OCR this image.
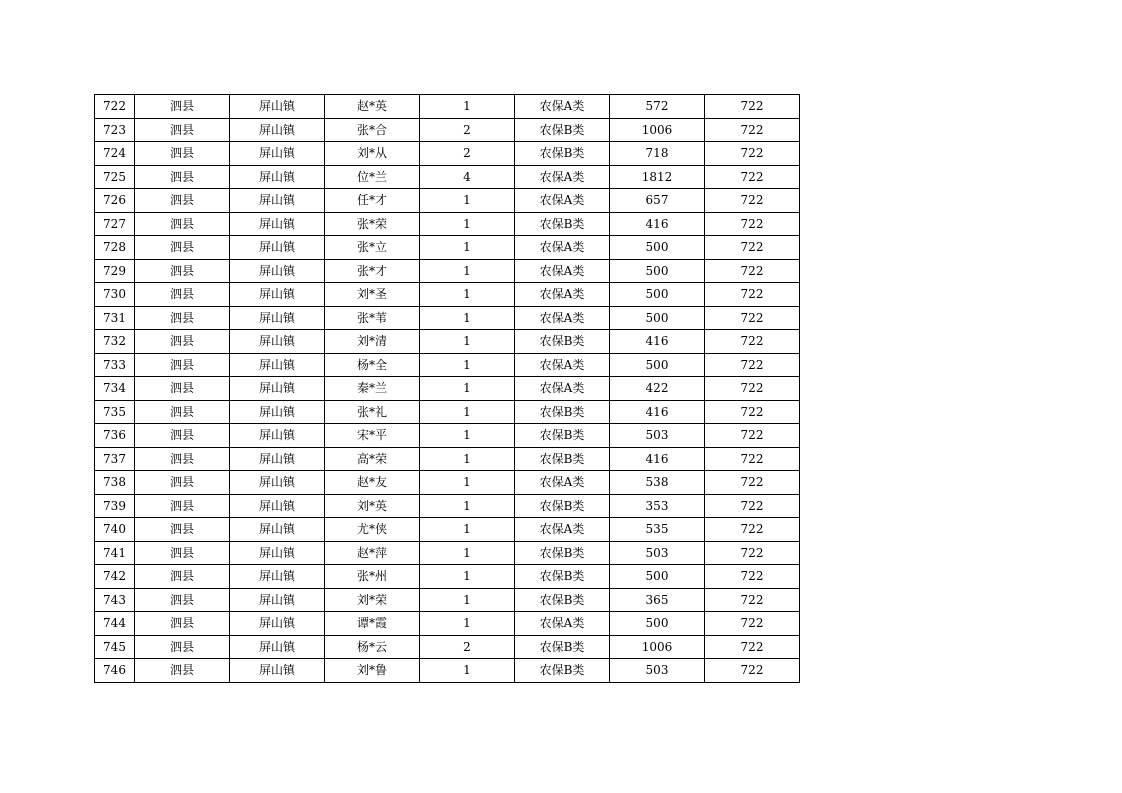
722	泗县	屏山镇	赵*英	1	农保A类	572	722
723	泗县	屏山镇	张*合	2	农保B类	1006	722
724	泗县	屏山镇	刘*从	2	农保B类	718	722
725	泗县	屏山镇	位*兰	4	农保A类	1812	722
726	泗县	屏山镇	任*才	1	农保A类	657	722
727	泗县	屏山镇	张*荣	1	农保B类	416	722
728	泗县	屏山镇	张*立	1	农保A类	500	722
729	泗县	屏山镇	张*才	1	农保A类	500	722
730	泗县	屏山镇	刘*圣	1	农保A类	500	722
731	泗县	屏山镇	张*苇	1	农保A类	500	722
732	泗县	屏山镇	刘*清	1	农保B类	416	722
733	泗县	屏山镇	杨*全	1	农保A类	500	722
734	泗县	屏山镇	秦*兰	1	农保A类	422	722
735	泗县	屏山镇	张*礼	1	农保B类	416	722
736	泗县	屏山镇	宋*平	1	农保B类	503	722
737	泗县	屏山镇	高*荣	1	农保B类	416	722
738	泗县	屏山镇	赵*友	1	农保A类	538	722
739	泗县	屏山镇	刘*英	1	农保B类	353	722
740	泗县	屏山镇	尤*侠	1	农保A类	535	722
741	泗县	屏山镇	赵*萍	1	农保B类	503	722
742	泗县	屏山镇	张*州	1	农保B类	500	722
743	泗县	屏山镇	刘*荣	1	农保B类	365	722
744	泗县	屏山镇	谭*霞	1	农保A类	500	722
745	泗县	屏山镇	杨*云	2	农保B类	1006	722
746	泗县	屏山镇	刘*鲁	1	农保B类	503	722
